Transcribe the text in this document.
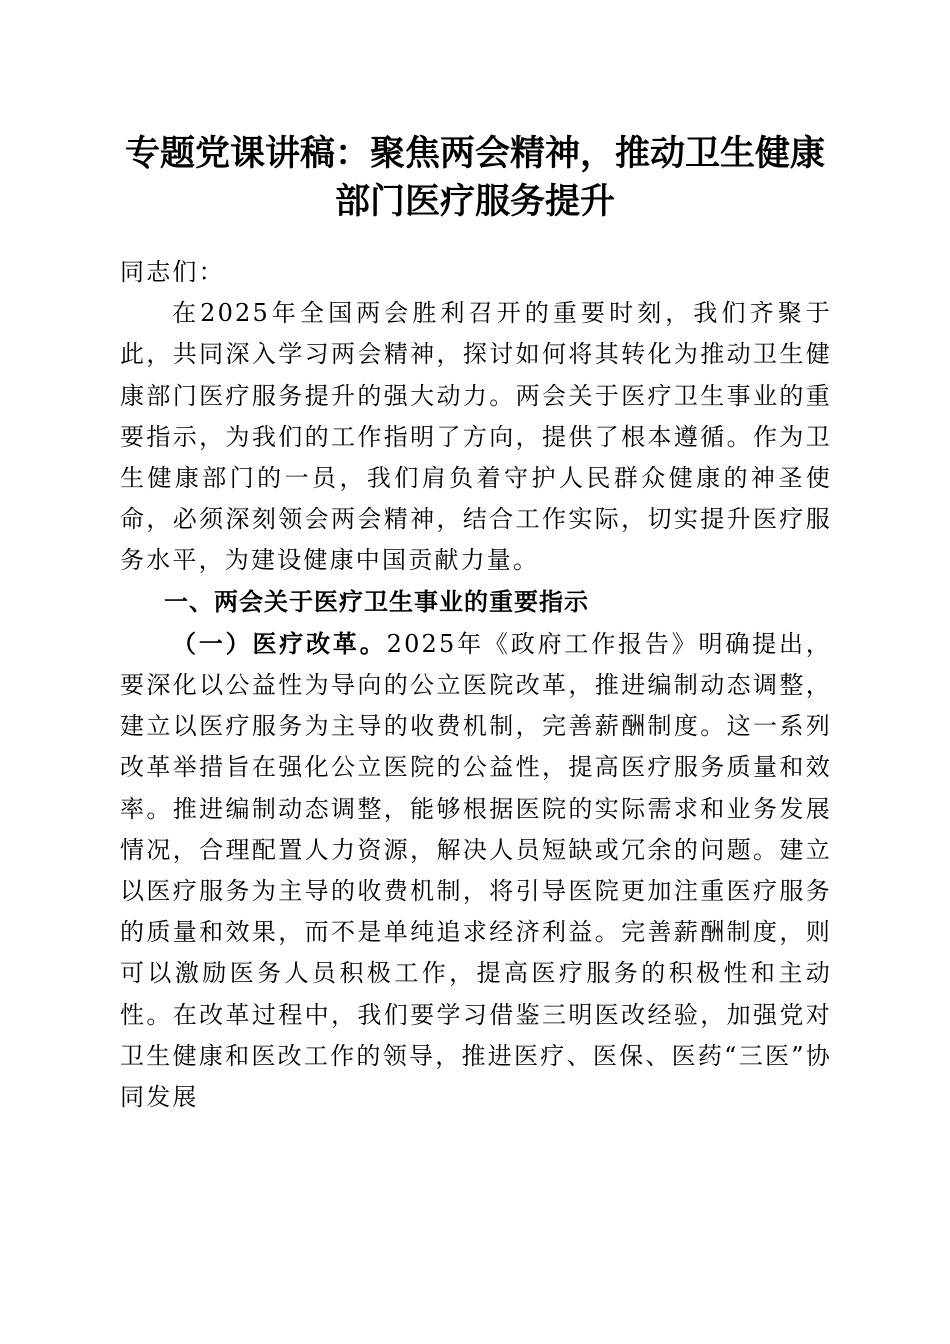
专题党课讲稿：聚焦两会精神，推动卫生健康
部门医疗服务提升

同志们：

在2025年全国两会胜利召开的重要时刻，我们齐聚于此，共同深入学习两会精神，探讨如何将其转化为推动卫生健康部门医疗服务提升的强大动力。两会关于医疗卫生事业的重要指示，为我们的工作指明了方向，提供了根本遵循。作为卫生健康部门的一员，我们肩负着守护人民群众健康的神圣使命，必须深刻领会两会精神，结合工作实际，切实提升医疗服务水平，为建设健康中国贡献力量。

一、两会关于医疗卫生事业的重要指示

（一）医疗改革。2025年《政府工作报告》明确提出，要深化以公益性为导向的公立医院改革，推进编制动态调整，建立以医疗服务为主导的收费机制，完善薪酬制度。这一系列改革举措旨在强化公立医院的公益性，提高医疗服务质量和效率。推进编制动态调整，能够根据医院的实际需求和业务发展情况，合理配置人力资源，解决人员短缺或冗余的问题。建立以医疗服务为主导的收费机制，将引导医院更加注重医疗服务的质量和效果，而不是单纯追求经济利益。完善薪酬制度，则可以激励医务人员积极工作，提高医疗服务的积极性和主动性。在改革过程中，我们要学习借鉴三明医改经验，加强党对卫生健康和医改工作的领导，推进医疗、医保、医药“三医”协同发展
